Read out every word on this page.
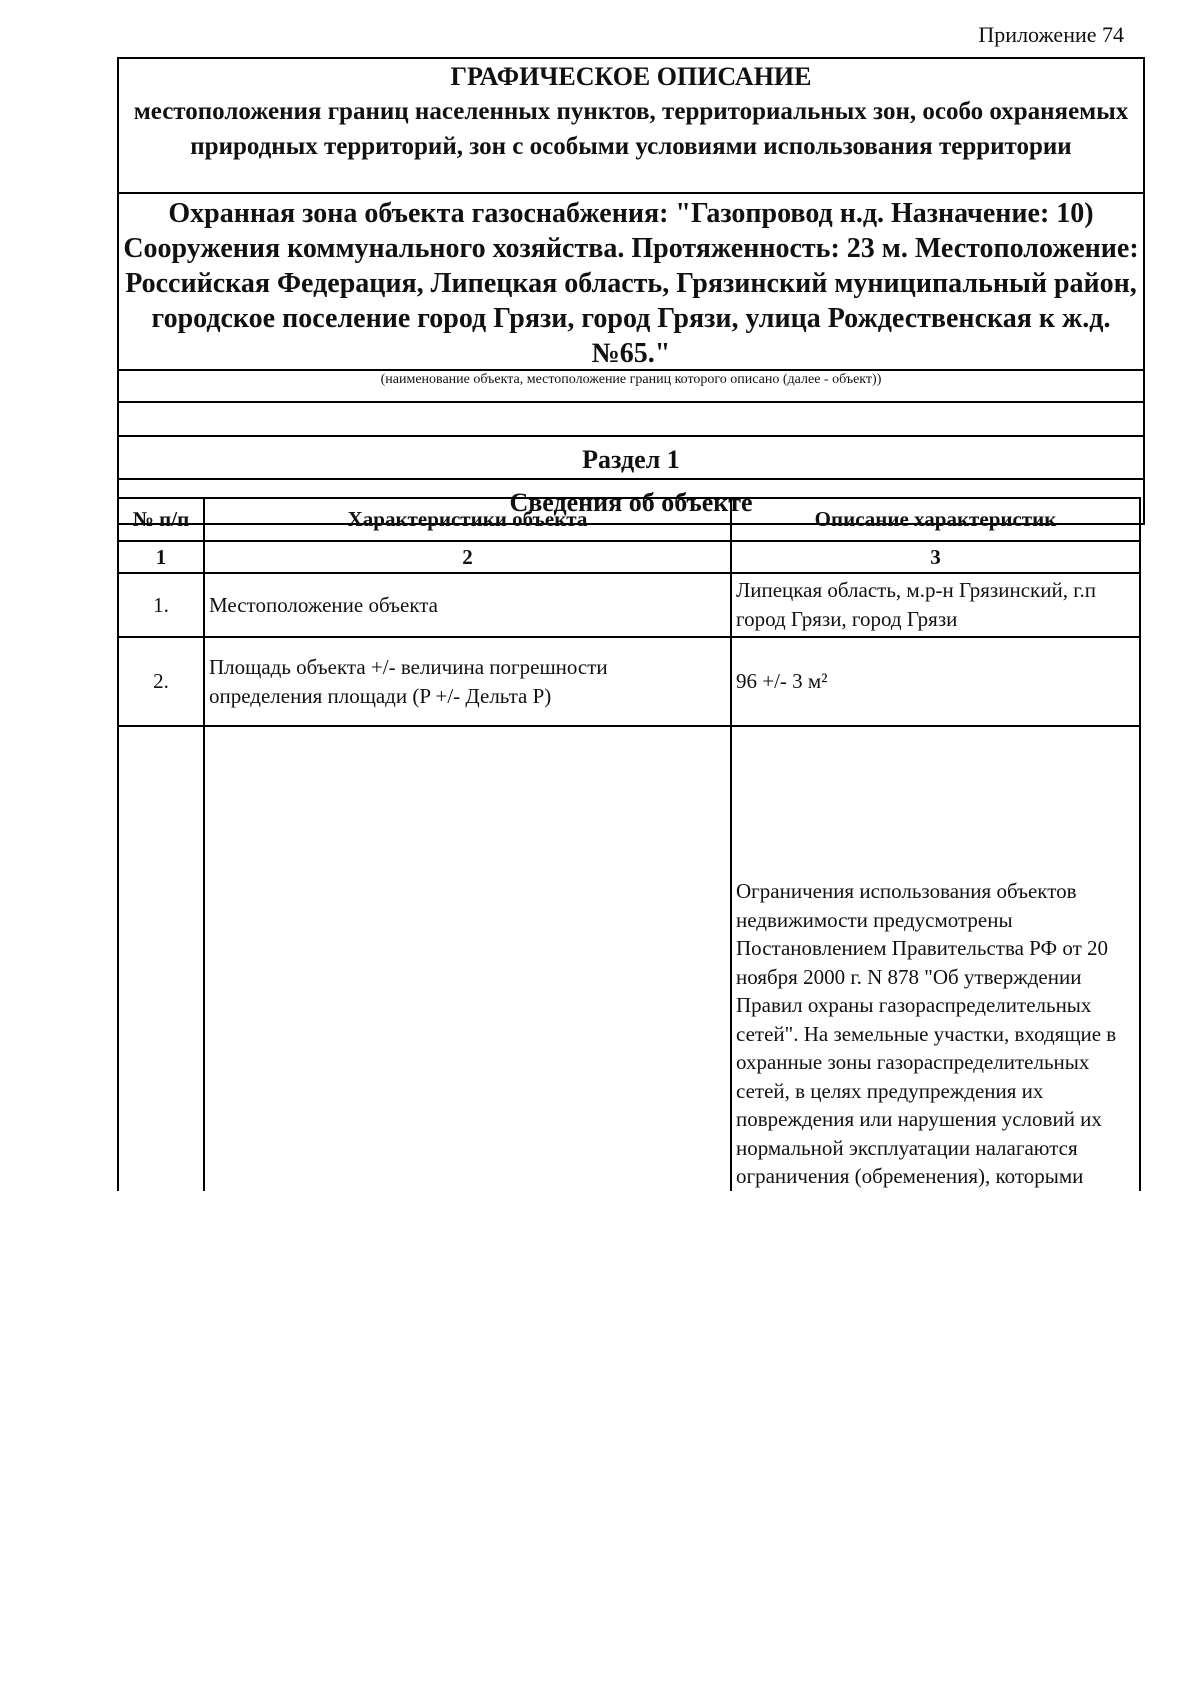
Приложение 74
ГРАФИЧЕСКОЕ ОПИСАНИЕ
местоположения границ населенных пунктов, территориальных зон, особо охраняемых природных территорий, зон с особыми условиями использования территории
Охранная зона объекта газоснабжения: "Газопровод н.д. Назначение: 10) Сооружения коммунального хозяйства. Протяженность: 23 м. Местоположение: Российская Федерация, Липецкая область, Грязинский муниципальный район, городское поселение город Грязи, город Грязи, улица Рождественская к ж.д.№65."
(наименование объекта, местоположение границ которого описано (далее - объект))
Раздел 1
Сведения об объекте
№ п/п	Характеристики объекта	Описание характеристик
1	2	3
1.	Местоположение объекта	Липецкая область, м.р-н Грязинский, г.п город Грязи, город Грязи
2.	Площадь объекта +/- величина погрешности определения площади (P +/- Дельта P)	96 +/- 3 м²

		Ограничения использования объектов недвижимости предусмотрены Постановлением Правительства РФ от 20 ноября 2000 г. N 878 "Об утверждении Правил охраны газораспределительных сетей". На земельные участки, входящие в охранные зоны газораспределительных сетей, в целях предупреждения их повреждения или нарушения условий их нормальной эксплуатации налагаются ограничения (обременения), которыми
